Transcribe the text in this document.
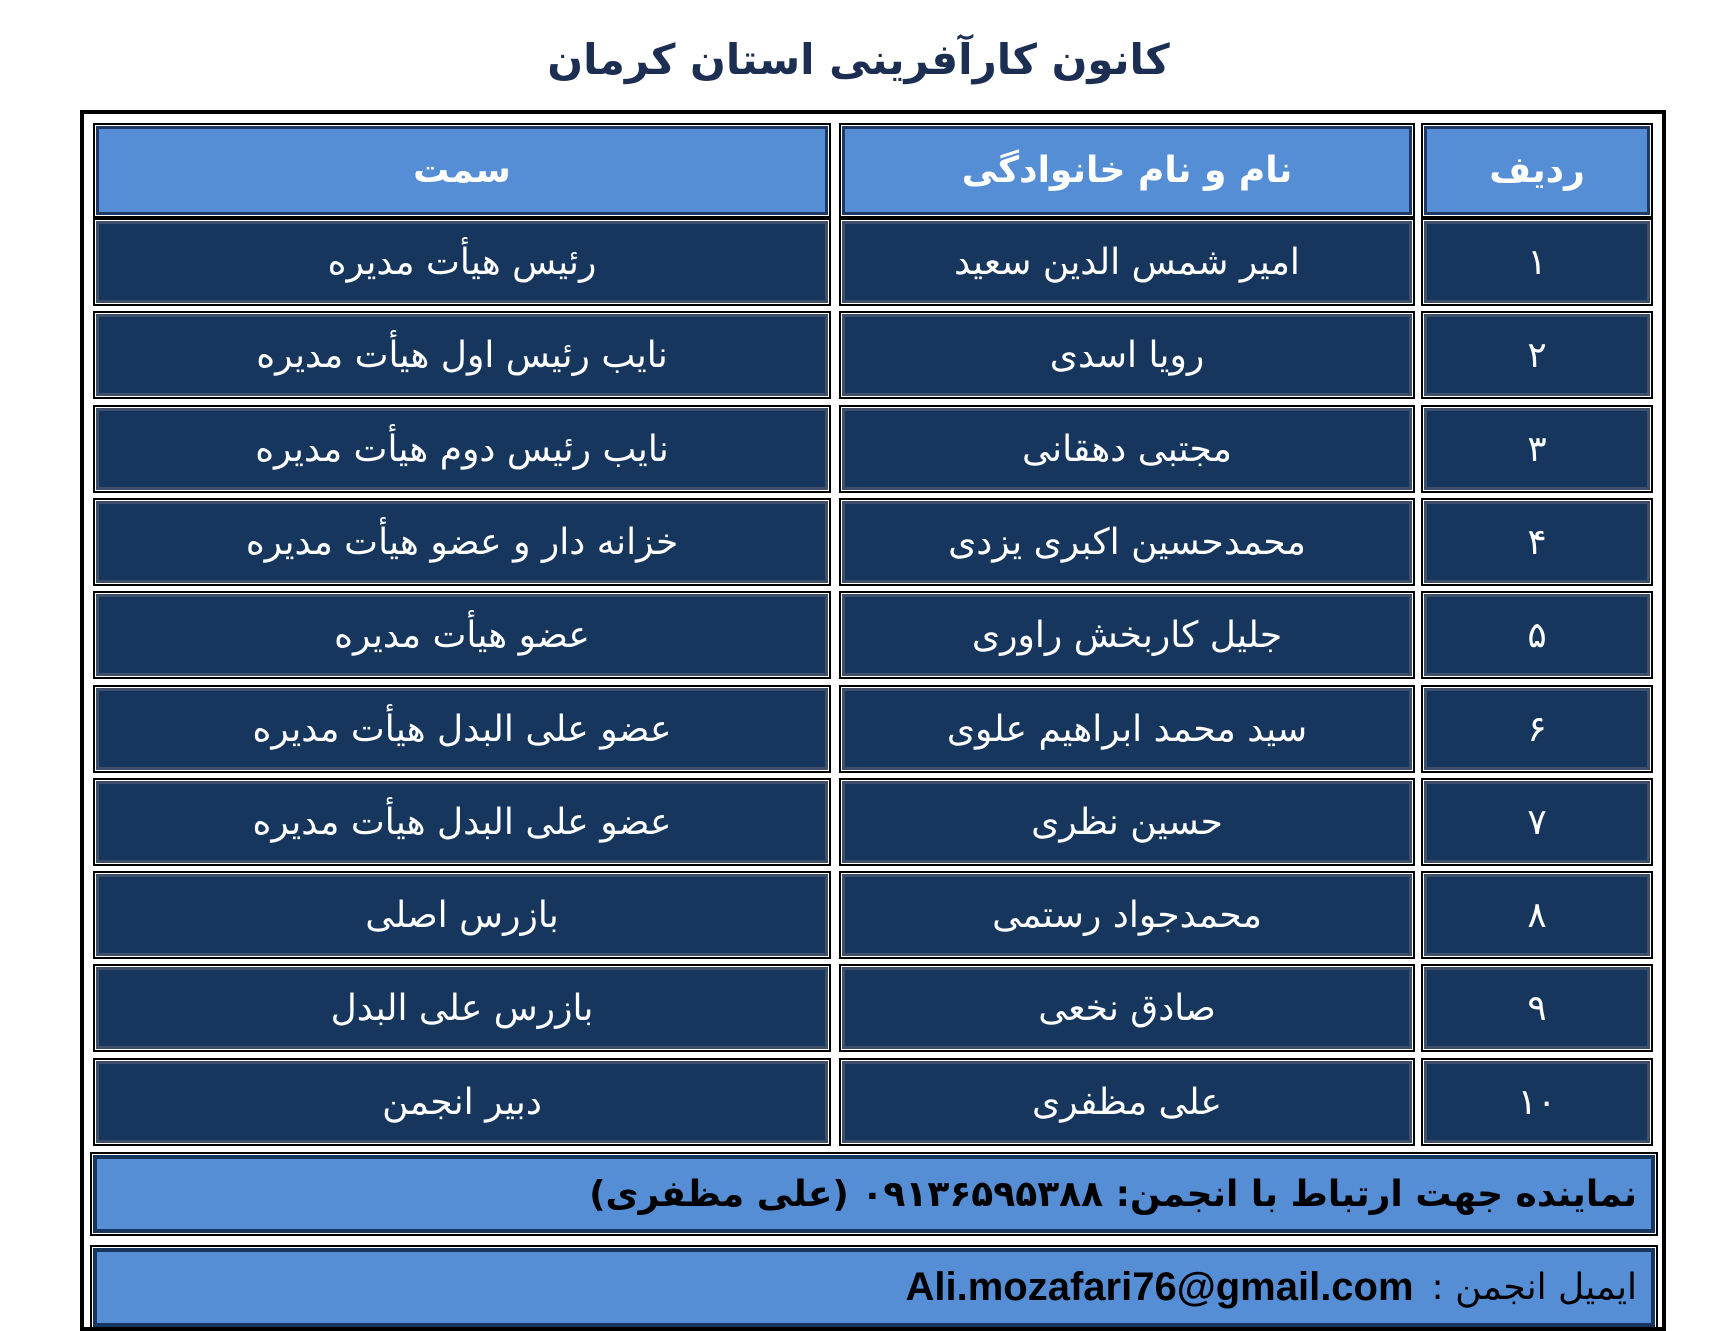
کانون کارآفرینی استان کرمان
ردیف
نام و نام خانوادگی
سمت
۱
امیر شمس الدین سعید
رئیس هیأت مدیره
۲
رویا اسدی
نایب رئیس اول هیأت مدیره
۳
مجتبی دهقانی
نایب رئیس دوم هیأت مدیره
۴
محمدحسین اکبری یزدی
خزانه دار و عضو هیأت مدیره
۵
جلیل کاربخش راوری
عضو هیأت مدیره
۶
سید محمد ابراهیم علوی
عضو علی البدل هیأت مدیره
۷
حسین نظری
عضو علی البدل هیأت مدیره
۸
محمدجواد رستمی
بازرس اصلی
۹
صادق نخعی
بازرس علی البدل
۱۰
علی مظفری
دبیر انجمن
نماینده جهت ارتباط با انجمن: ۰۹۱۳۶۵۹۵۳۸۸ (علی مظفری)
ایمیل انجمن :
Ali.mozafari76@gmail.com
